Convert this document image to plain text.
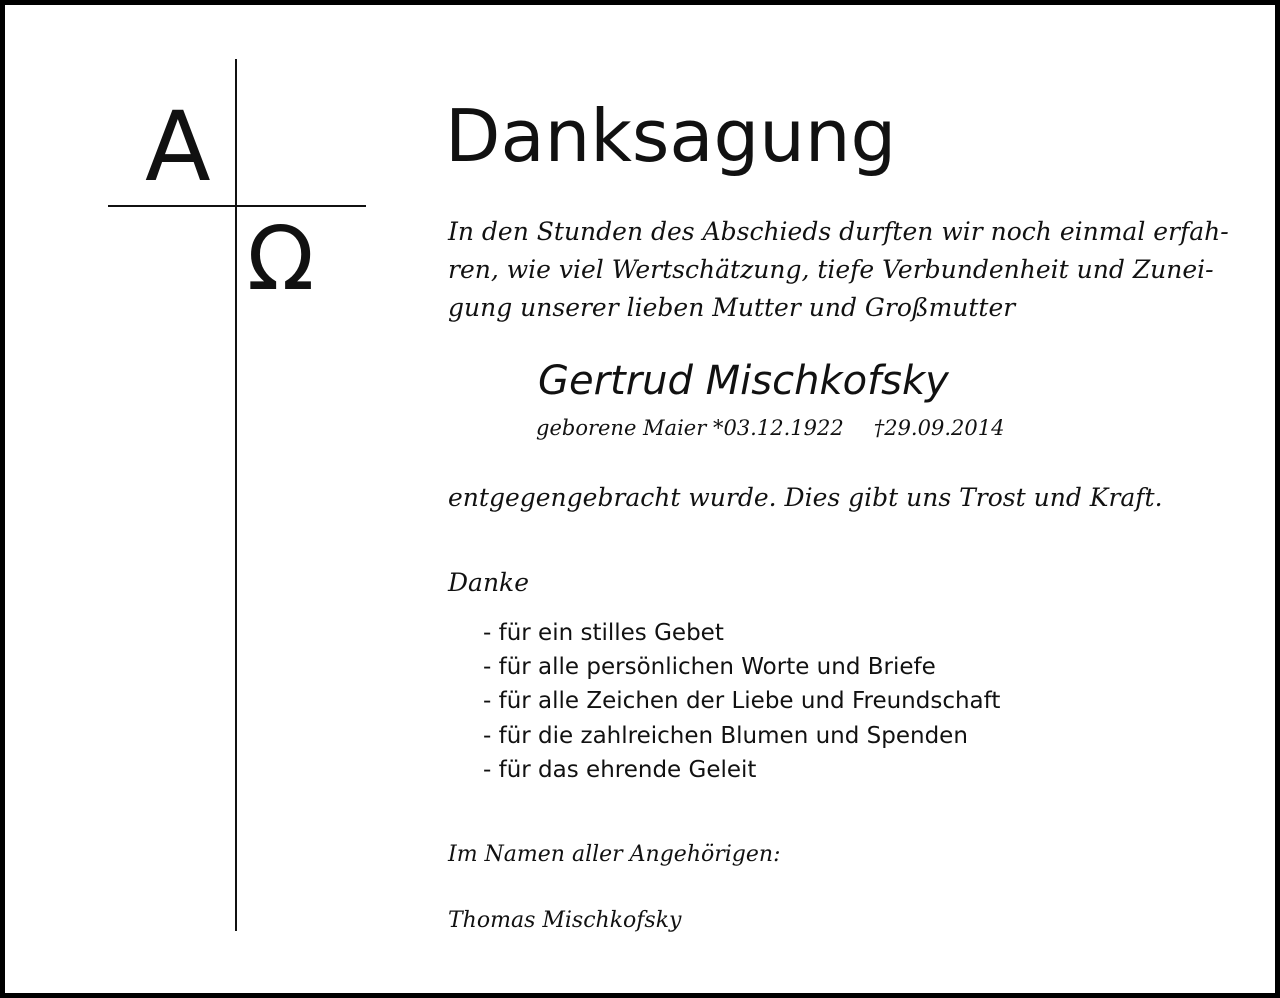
A
Ω
Danksagung
In den Stunden des Abschieds durften wir noch einmal erfah-
ren, wie viel Wertschätzung, tiefe Verbundenheit und Zunei-
gung unserer lieben Mutter und Großmutter
Gertrud Mischkofsky
geborene Maier *03.12.1922 †29.09.2014
entgegengebracht wurde. Dies gibt uns Trost und Kraft.
Danke
- für ein stilles Gebet
- für alle persönlichen Worte und Briefe
- für alle Zeichen der Liebe und Freundschaft
- für die zahlreichen Blumen und Spenden
- für das ehrende Geleit
Im Namen aller Angehörigen:
Thomas Mischkofsky
